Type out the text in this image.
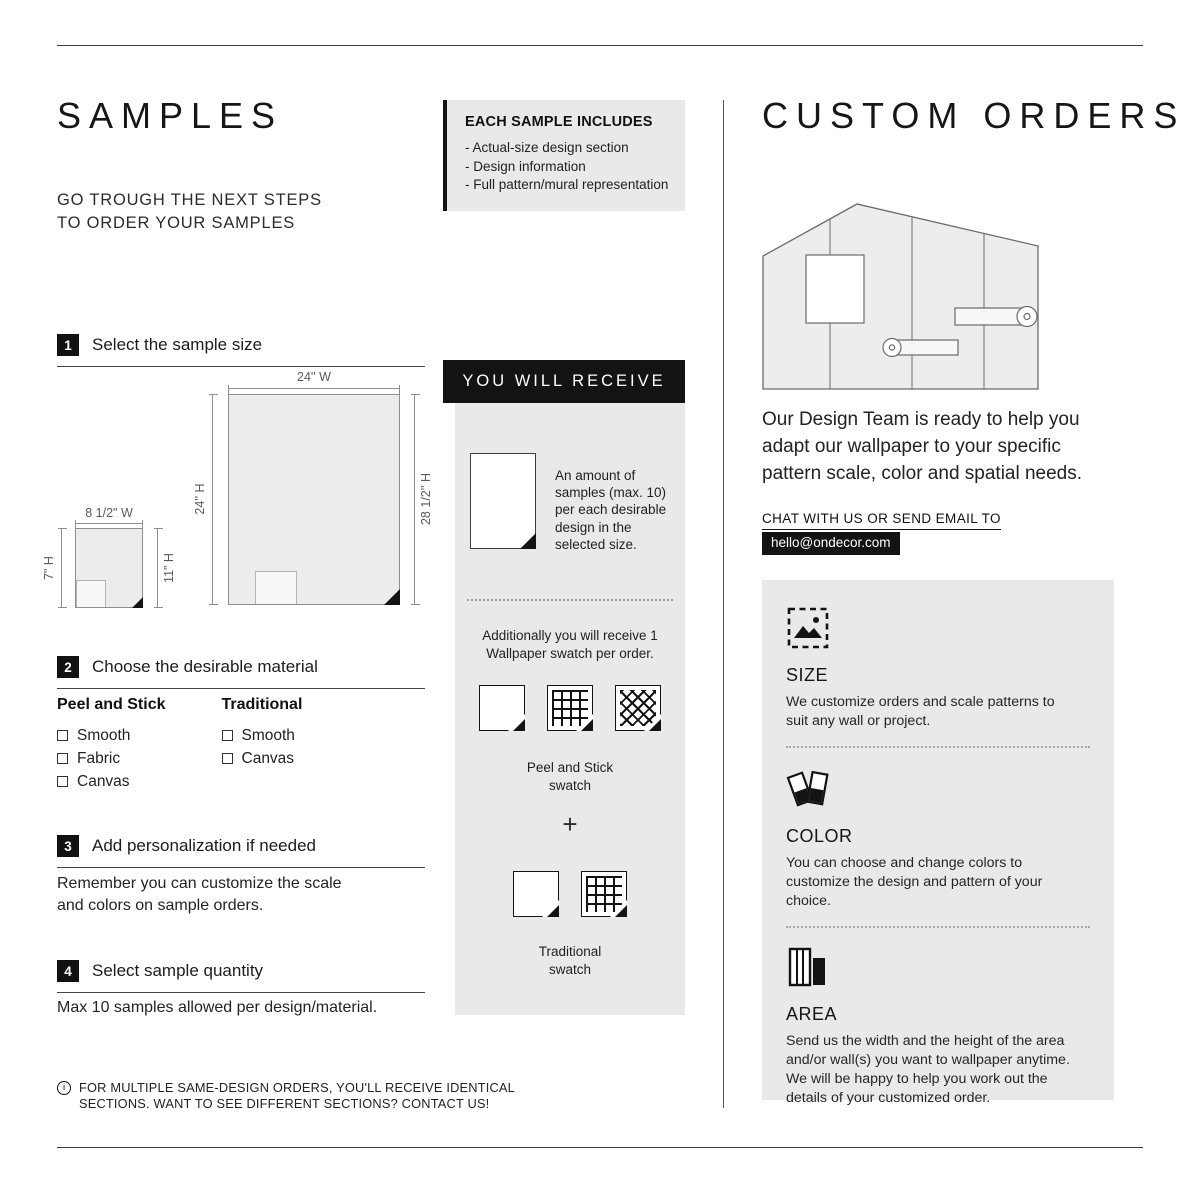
SAMPLES
GO TROUGH THE NEXT STEPS
TO ORDER YOUR SAMPLES
1	Select the sample size
24'' W
24'' H	28 1/2'' H
8 1/2" W
7" H	11" H
2	Choose the desirable material
Peel and Stick
Smooth
Fabric
Canvas
Traditional
Smooth
Canvas
3	Add personalization if needed
Remember you can customize the scale and colors on sample orders.
4	Select sample quantity
Max 10 samples allowed per design/material.
i	FOR MULTIPLE SAME-DESIGN ORDERS, YOU'LL RECEIVE IDENTICAL SECTIONS. WANT TO SEE DIFFERENT SECTIONS? CONTACT US!
EACH SAMPLE INCLUDES
- Actual-size design section
- Design information
- Full pattern/mural representation
YOU WILL RECEIVE
An amount of samples (max. 10) per each desirable design in the selected size.
Additionally you will receive 1 Wallpaper swatch per order.
Peel and Stick swatch
+
Traditional swatch
CUSTOM ORDERS
Our Design Team is ready to help you adapt our wallpaper to your specific pattern scale, color and spatial needs.
CHAT WITH US OR SEND EMAIL TO
hello@ondecor.com
SIZE
We customize orders and scale patterns to suit any wall or project.
COLOR
You can choose and change colors to customize the design and pattern of your choice.
AREA
Send us the width and the height of the area and/or wall(s) you want to wallpaper anytime. We will be happy to help you work out the details of your customized order.
